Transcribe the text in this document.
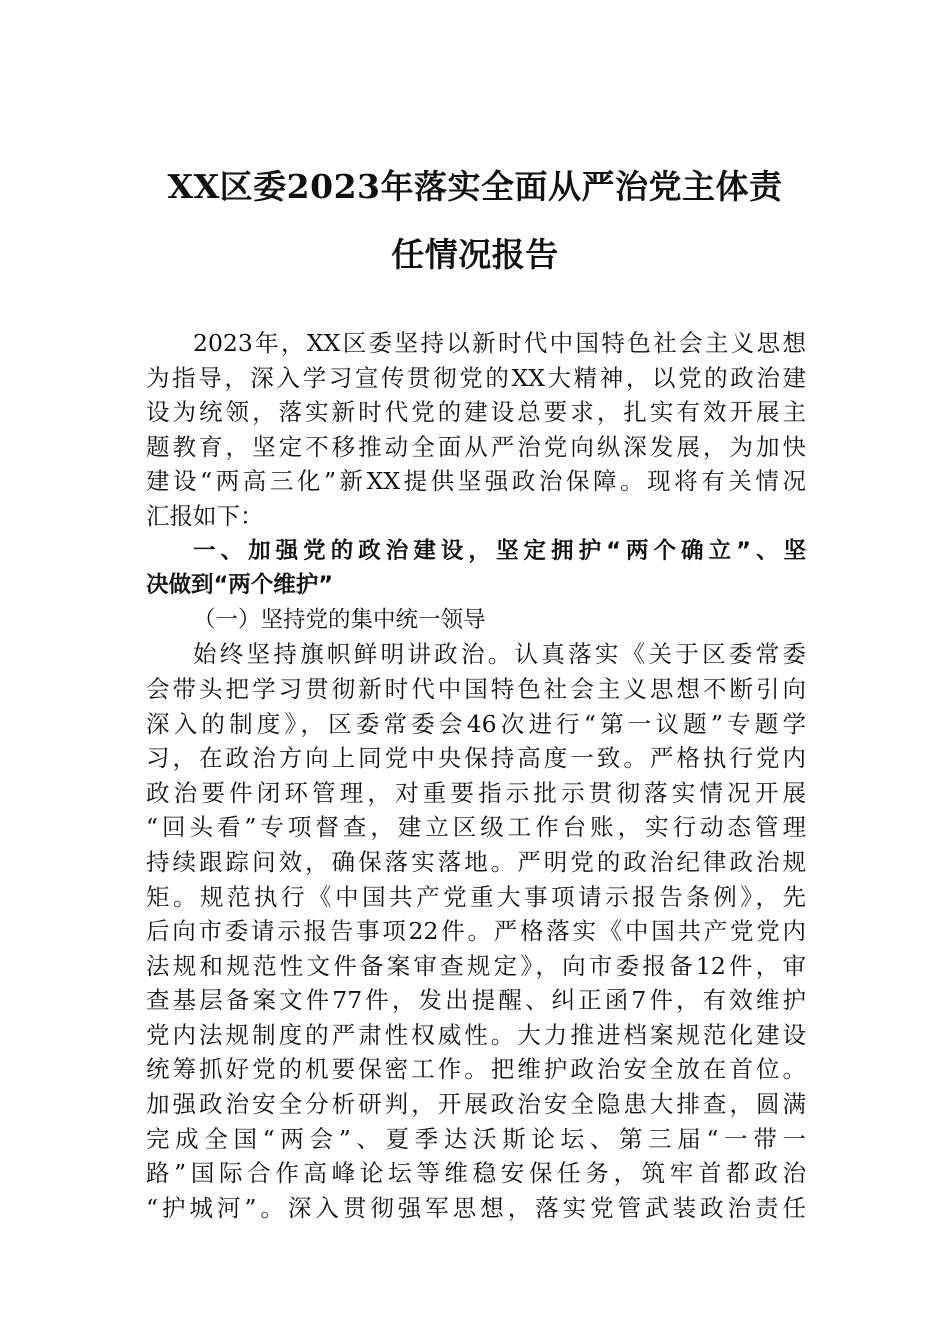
XX区委2023年落实全面从严治党主体责
任情况报告
2023年，XX区委坚持以新时代中国特色社会主义思想
为指导，深入学习宣传贯彻党的XX大精神，以党的政治建
设为统领，落实新时代党的建设总要求，扎实有效开展主
题教育，坚定不移推动全面从严治党向纵深发展，为加快
建设“两高三化”新XX提供坚强政治保障。现将有关情况
汇报如下：
一、加强党的政治建设，坚定拥护“两个确立”、坚
决做到“两个维护”
（一）坚持党的集中统一领导
始终坚持旗帜鲜明讲政治。认真落实《关于区委常委
会带头把学习贯彻新时代中国特色社会主义思想不断引向
深入的制度》，区委常委会46次进行“第一议题”专题学
习，在政治方向上同党中央保持高度一致。严格执行党内
政治要件闭环管理，对重要指示批示贯彻落实情况开展
“回头看”专项督查，建立区级工作台账，实行动态管理
持续跟踪问效，确保落实落地。严明党的政治纪律政治规
矩。规范执行《中国共产党重大事项请示报告条例》，先
后向市委请示报告事项22件。严格落实《中国共产党党内
法规和规范性文件备案审查规定》，向市委报备12件，审
查基层备案文件77件，发出提醒、纠正函7件，有效维护
党内法规制度的严肃性权威性。大力推进档案规范化建设
统筹抓好党的机要保密工作。把维护政治安全放在首位。
加强政治安全分析研判，开展政治安全隐患大排查，圆满
完成全国“两会”、夏季达沃斯论坛、第三届“一带一
路”国际合作高峰论坛等维稳安保任务，筑牢首都政治
“护城河”。深入贯彻强军思想，落实党管武装政治责任
